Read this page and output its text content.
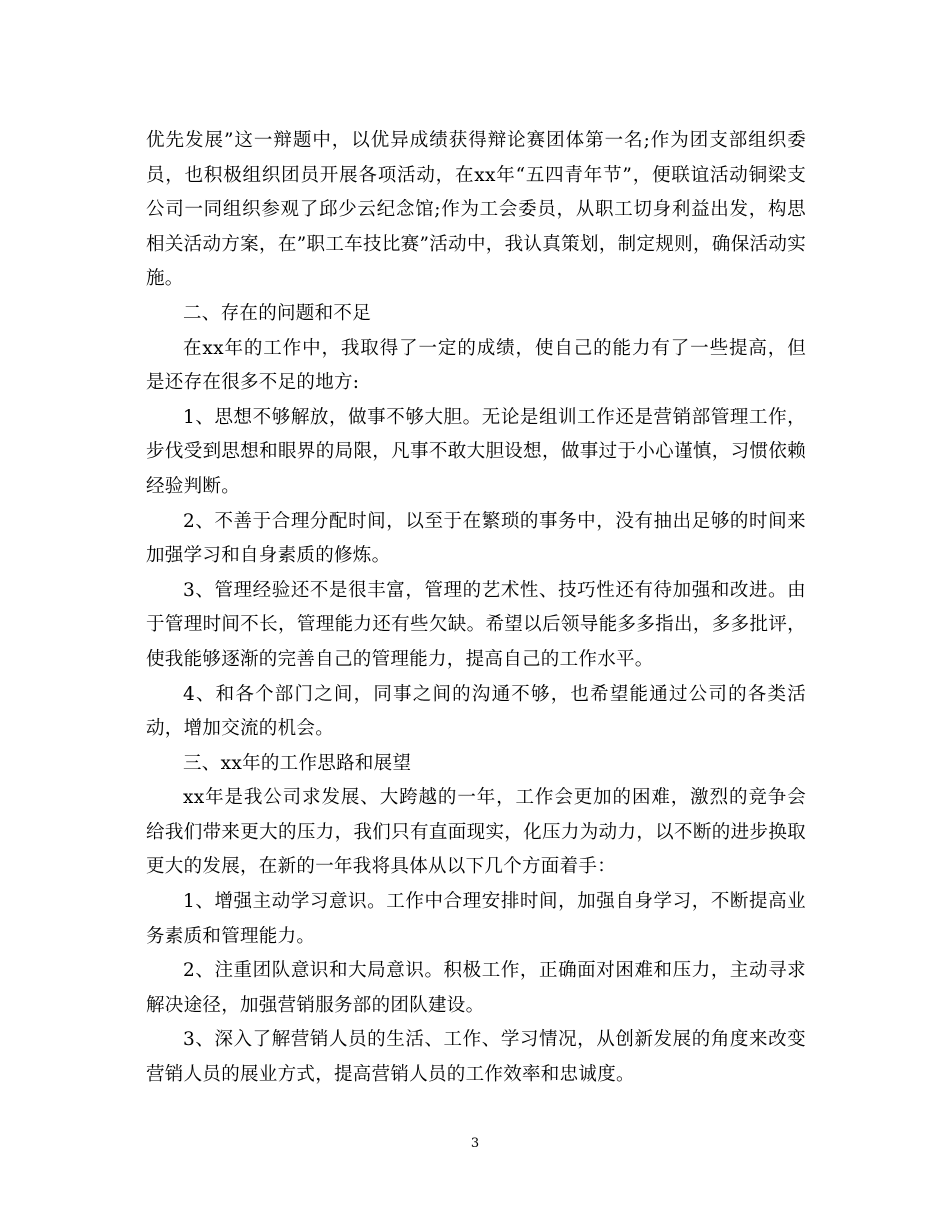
优先发展”这一辩题中，以优异成绩获得辩论赛团体第一名;作为团支部组织委员，也积极组织团员开展各项活动，在xx年“五四青年节”，便联谊活动铜梁支公司一同组织参观了邱少云纪念馆;作为工会委员，从职工切身利益出发，构思相关活动方案，在”职工车技比赛”活动中，我认真策划，制定规则，确保活动实施。

二、存在的问题和不足

在xx年的工作中，我取得了一定的成绩，使自己的能力有了一些提高，但是还存在很多不足的地方:

1、思想不够解放，做事不够大胆。无论是组训工作还是营销部管理工作，步伐受到思想和眼界的局限，凡事不敢大胆设想，做事过于小心谨慎，习惯依赖经验判断。

2、不善于合理分配时间，以至于在繁琐的事务中，没有抽出足够的时间来加强学习和自身素质的修炼。

3、管理经验还不是很丰富，管理的艺术性、技巧性还有待加强和改进。由于管理时间不长，管理能力还有些欠缺。希望以后领导能多多指出，多多批评，使我能够逐渐的完善自己的管理能力，提高自己的工作水平。

4、和各个部门之间，同事之间的沟通不够，也希望能通过公司的各类活动，增加交流的机会。

三、xx年的工作思路和展望

xx年是我公司求发展、大跨越的一年，工作会更加的困难，激烈的竞争会给我们带来更大的压力，我们只有直面现实，化压力为动力，以不断的进步换取更大的发展，在新的一年我将具体从以下几个方面着手：

1、增强主动学习意识。工作中合理安排时间，加强自身学习，不断提高业务素质和管理能力。

2、注重团队意识和大局意识。积极工作，正确面对困难和压力，主动寻求解决途径，加强营销服务部的团队建设。

3、深入了解营销人员的生活、工作、学习情况，从创新发展的角度来改变营销人员的展业方式，提高营销人员的工作效率和忠诚度。

3
